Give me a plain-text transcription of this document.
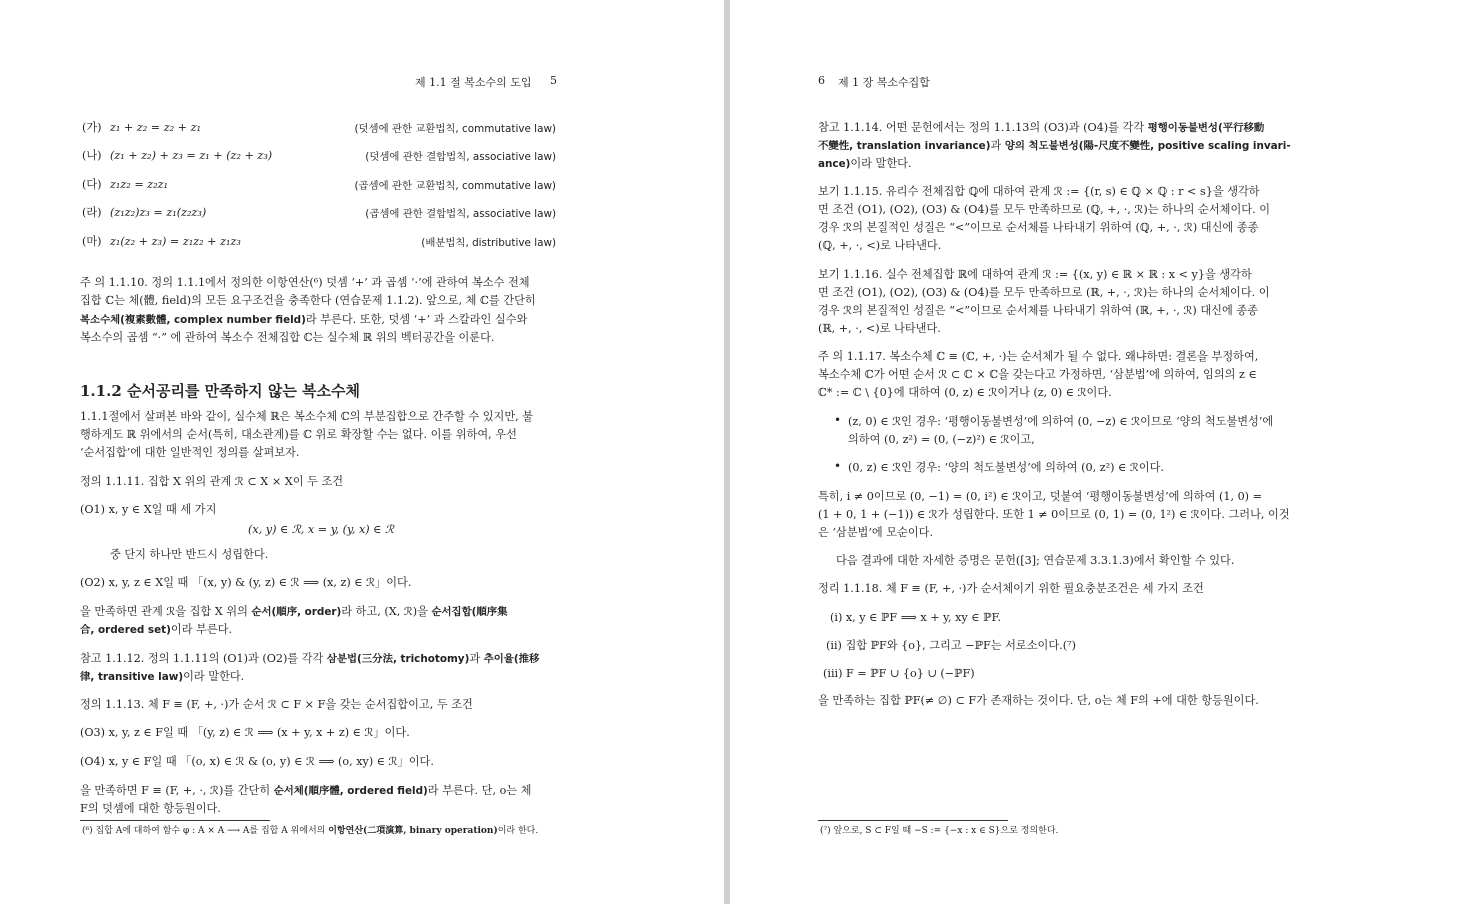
제 1.1 절 복소수의 도입 5
(가) z₁ + z₂ = z₂ + z₁	(덧셈에 관한 교환법칙, commutative law)
(나) (z₁ + z₂) + z₃ = z₁ + (z₂ + z₃)	(덧셈에 관한 결합법칙, associative law)
(다) z₁z₂ = z₂z₁	(곱셈에 관한 교환법칙, commutative law)
(라) (z₁z₂)z₃ = z₁(z₂z₃)	(곱셈에 관한 결합법칙, associative law)
(마) z₁(z₂ + z₃) = z₁z₂ + z₁z₃	(배분법칙, distributive law)
주 의 1.1.10. 정의 1.1.1에서 정의한 이항연산(⁶) 덧셈 ‘+’ 과 곱셈 ‘·’에 관하여 복소수 전체
집합 ℂ는 체(體, field)의 모든 요구조건을 충족한다 (연습문제 1.1.2). 앞으로, 체 ℂ를 간단히
복소수체(複素數體, complex number field)라 부른다. 또한, 덧셈 ‘+’ 과 스칼라인 실수와
복소수의 곱셈 “·” 에 관하여 복소수 전체집합 ℂ는 실수체 ℝ 위의 벡터공간을 이룬다.
1.1.2 순서공리를 만족하지 않는 복소수체
1.1.1절에서 살펴본 바와 같이, 실수체 ℝ은 복소수체 ℂ의 부분집합으로 간주할 수 있지만, 불
행하게도 ℝ 위에서의 순서(특히, 대소관계)를 ℂ 위로 확장할 수는 없다. 이를 위하여, 우선
‘순서집합’에 대한 일반적인 정의를 살펴보자.
정의 1.1.11. 집합 X 위의 관계 ℛ ⊂ X × X이 두 조건
(O1) x, y ∈ X일 때 세 가지
(x, y) ∈ ℛ, x = y, (y, x) ∈ ℛ
중 단지 하나만 반드시 성립한다.
(O2) x, y, z ∈ X일 때 「(x, y) & (y, z) ∈ ℛ ⟹ (x, z) ∈ ℛ」이다.
을 만족하면 관계 ℛ을 집합 X 위의 순서(順序, order)라 하고, (X, ℛ)을 순서집합(順序集
合, ordered set)이라 부른다.
참고 1.1.12. 정의 1.1.11의 (O1)과 (O2)를 각각 삼분법(三分法, trichotomy)과 추이율(推移
律, transitive law)이라 말한다.
정의 1.1.13. 체 F ≡ (F, +, ·)가 순서 ℛ ⊂ F × F을 갖는 순서집합이고, 두 조건
(O3) x, y, z ∈ F일 때 「(y, z) ∈ ℛ ⟹ (x + y, x + z) ∈ ℛ」이다.
(O4) x, y ∈ F일 때 「(o, x) ∈ ℛ & (o, y) ∈ ℛ ⟹ (o, xy) ∈ ℛ」이다.
을 만족하면 F ≡ (F, +, ·, ℛ)를 간단히 순서체(順序體, ordered field)라 부른다. 단, o는 체
F의 덧셈에 대한 항등원이다.
(⁶) 집합 A에 대하여 함수 φ : A × A ⟶ A를 집합 A 위에서의 이항연산(二項演算, binary operation)이라 한다.
6 제 1 장 복소수집합
참고 1.1.14. 어떤 문헌에서는 정의 1.1.13의 (O3)과 (O4)를 각각 평행이동불변성(平行移動
不變性, translation invariance)과 양의 척도불변성(陽-尺度不變性, positive scaling invari-
ance)이라 말한다.
보기 1.1.15. 유리수 전체집합 ℚ에 대하여 관계 ℛ := {(r, s) ∈ ℚ × ℚ : r < s}을 생각하
면 조건 (O1), (O2), (O3) & (O4)를 모두 만족하므로 (ℚ, +, ·, ℛ)는 하나의 순서체이다. 이
경우 ℛ의 본질적인 성질은 “<”이므로 순서체를 나타내기 위하여 (ℚ, +, ·, ℛ) 대신에 종종
(ℚ, +, ·, <)로 나타낸다.
보기 1.1.16. 실수 전체집합 ℝ에 대하여 관계 ℛ := {(x, y) ∈ ℝ × ℝ : x < y}을 생각하
면 조건 (O1), (O2), (O3) & (O4)를 모두 만족하므로 (ℝ, +, ·, ℛ)는 하나의 순서체이다. 이
경우 ℛ의 본질적인 성질은 “<”이므로 순서체를 나타내기 위하여 (ℝ, +, ·, ℛ) 대신에 종종
(ℝ, +, ·, <)로 나타낸다.
주 의 1.1.17. 복소수체 ℂ ≡ (ℂ, +, ·)는 순서체가 될 수 없다. 왜냐하면: 결론을 부정하여,
복소수체 ℂ가 어떤 순서 ℛ ⊂ ℂ × ℂ을 갖는다고 가정하면, ‘삼분법’에 의하여, 임의의 z ∈
ℂ* := ℂ \ {0}에 대하여 (0, z) ∈ ℛ이거나 (z, 0) ∈ ℛ이다.
• (z, 0) ∈ ℛ인 경우: ‘평행이동불변성’에 의하여 (0, −z) ∈ ℛ이므로 ‘양의 척도불변성’에
의하여 (0, z²) = (0, (−z)²) ∈ ℛ이고,
• (0, z) ∈ ℛ인 경우: ‘양의 척도불변성’에 의하여 (0, z²) ∈ ℛ이다.
특히, i ≠ 0이므로 (0, −1) = (0, i²) ∈ ℛ이고, 덧붙여 ‘평행이동불변성’에 의하여 (1, 0) =
(1 + 0, 1 + (−1)) ∈ ℛ가 성립한다. 또한 1 ≠ 0이므로 (0, 1) = (0, 1²) ∈ ℛ이다. 그러나, 이것
은 ‘삼분법’에 모순이다.
다음 결과에 대한 자세한 증명은 문헌([3]; 연습문제 3.3.1.3)에서 확인할 수 있다.
정리 1.1.18. 체 F ≡ (F, +, ·)가 순서체이기 위한 필요충분조건은 세 가지 조건
(i) x, y ∈ ℙF ⟹ x + y, xy ∈ ℙF.
(ii) 집합 ℙF와 {o}, 그리고 −ℙF는 서로소이다.(⁷)
(iii) F = ℙF ∪ {o} ∪ (−ℙF)
을 만족하는 집합 ℙF(≠ ∅) ⊂ F가 존재하는 것이다. 단, o는 체 F의 +에 대한 항등원이다.
(⁷) 앞으로, S ⊂ F일 때 −S := {−x : x ∈ S}으로 정의한다.
